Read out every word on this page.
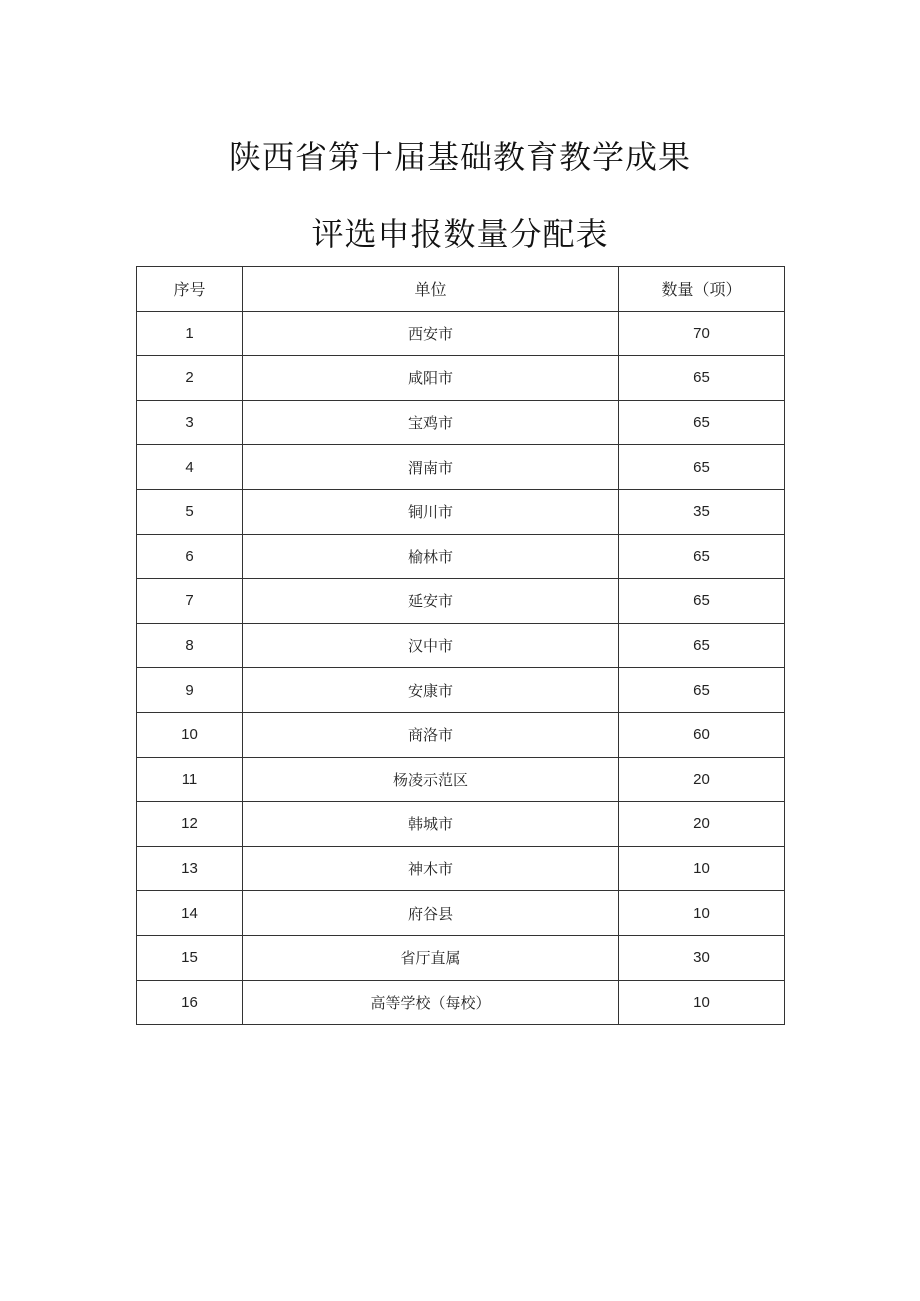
陕西省第十届基础教育教学成果
评选申报数量分配表
序号	单位	数量（项）
1	西安市	70
2	咸阳市	65
3	宝鸡市	65
4	渭南市	65
5	铜川市	35
6	榆林市	65
7	延安市	65
8	汉中市	65
9	安康市	65
10	商洛市	60
11	杨凌示范区	20
12	韩城市	20
13	神木市	10
14	府谷县	10
15	省厅直属	30
16	高等学校（每校）	10
